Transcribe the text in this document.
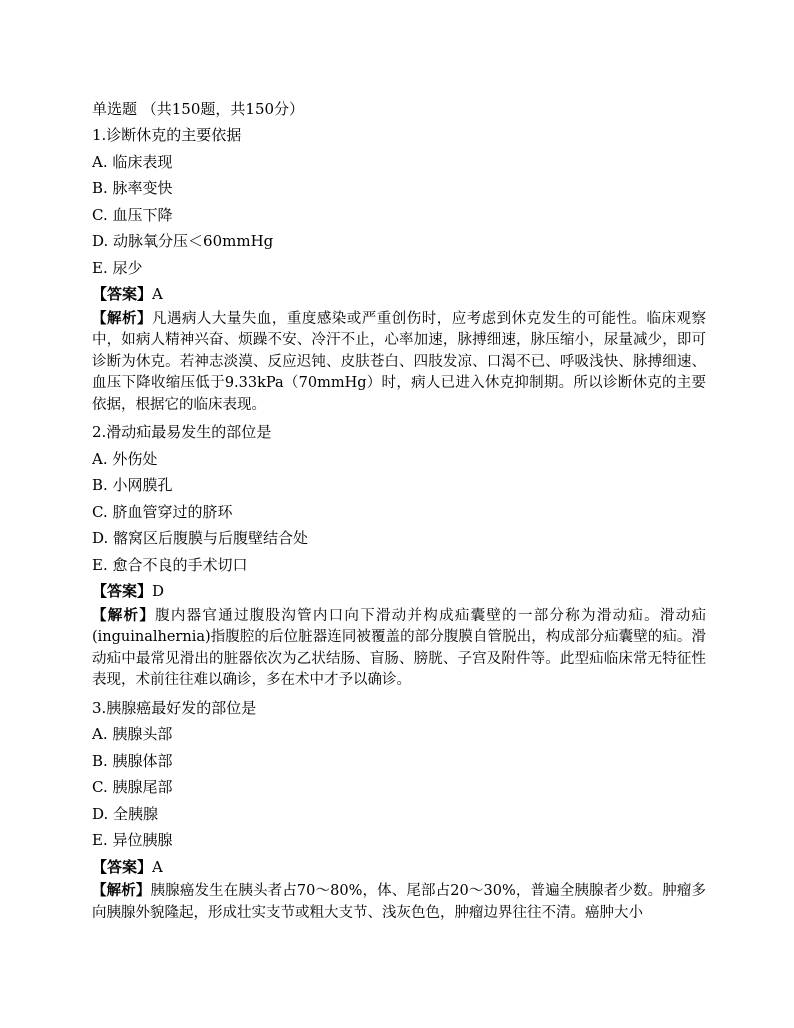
单选题 （共150题，共150分）
1.诊断休克的主要依据
A. 临床表现
B. 脉率变快
C. 血压下降
D. 动脉氧分压＜60mmHg
E. 尿少
【答案】A
【解析】凡遇病人大量失血，重度感染或严重创伤时，应考虑到休克发生的可能性。临床观察中，如病人精神兴奋、烦躁不安、冷汗不止，心率加速，脉搏细速，脉压缩小，尿量减少，即可诊断为休克。若神志淡漠、反应迟钝、皮肤苍白、四肢发凉、口渴不已、呼吸浅快、脉搏细速、血压下降收缩压低于9.33kPa（70mmHg）时，病人已进入休克抑制期。所以诊断休克的主要依据，根据它的临床表现。
2.滑动疝最易发生的部位是
A. 外伤处
B. 小网膜孔
C. 脐血管穿过的脐环
D. 髂窝区后腹膜与后腹壁结合处
E. 愈合不良的手术切口
【答案】D
【解析】腹内器官通过腹股沟管内口向下滑动并构成疝囊壁的一部分称为滑动疝。滑动疝(inguinalhernia)指腹腔的后位脏器连同被覆盖的部分腹膜自管脱出，构成部分疝囊壁的疝。滑动疝中最常见滑出的脏器依次为乙状结肠、盲肠、膀胱、子宫及附件等。此型疝临床常无特征性表现，术前往往难以确诊，多在术中才予以确诊。
3.胰腺癌最好发的部位是
A. 胰腺头部
B. 胰腺体部
C. 胰腺尾部
D. 全胰腺
E. 异位胰腺
【答案】A
【解析】胰腺癌发生在胰头者占70～80%，体、尾部占20～30%，普遍全胰腺者少数。肿瘤多向胰腺外貌隆起，形成壮实支节或粗大支节、浅灰色色，肿瘤边界往往不清。癌肿大小
